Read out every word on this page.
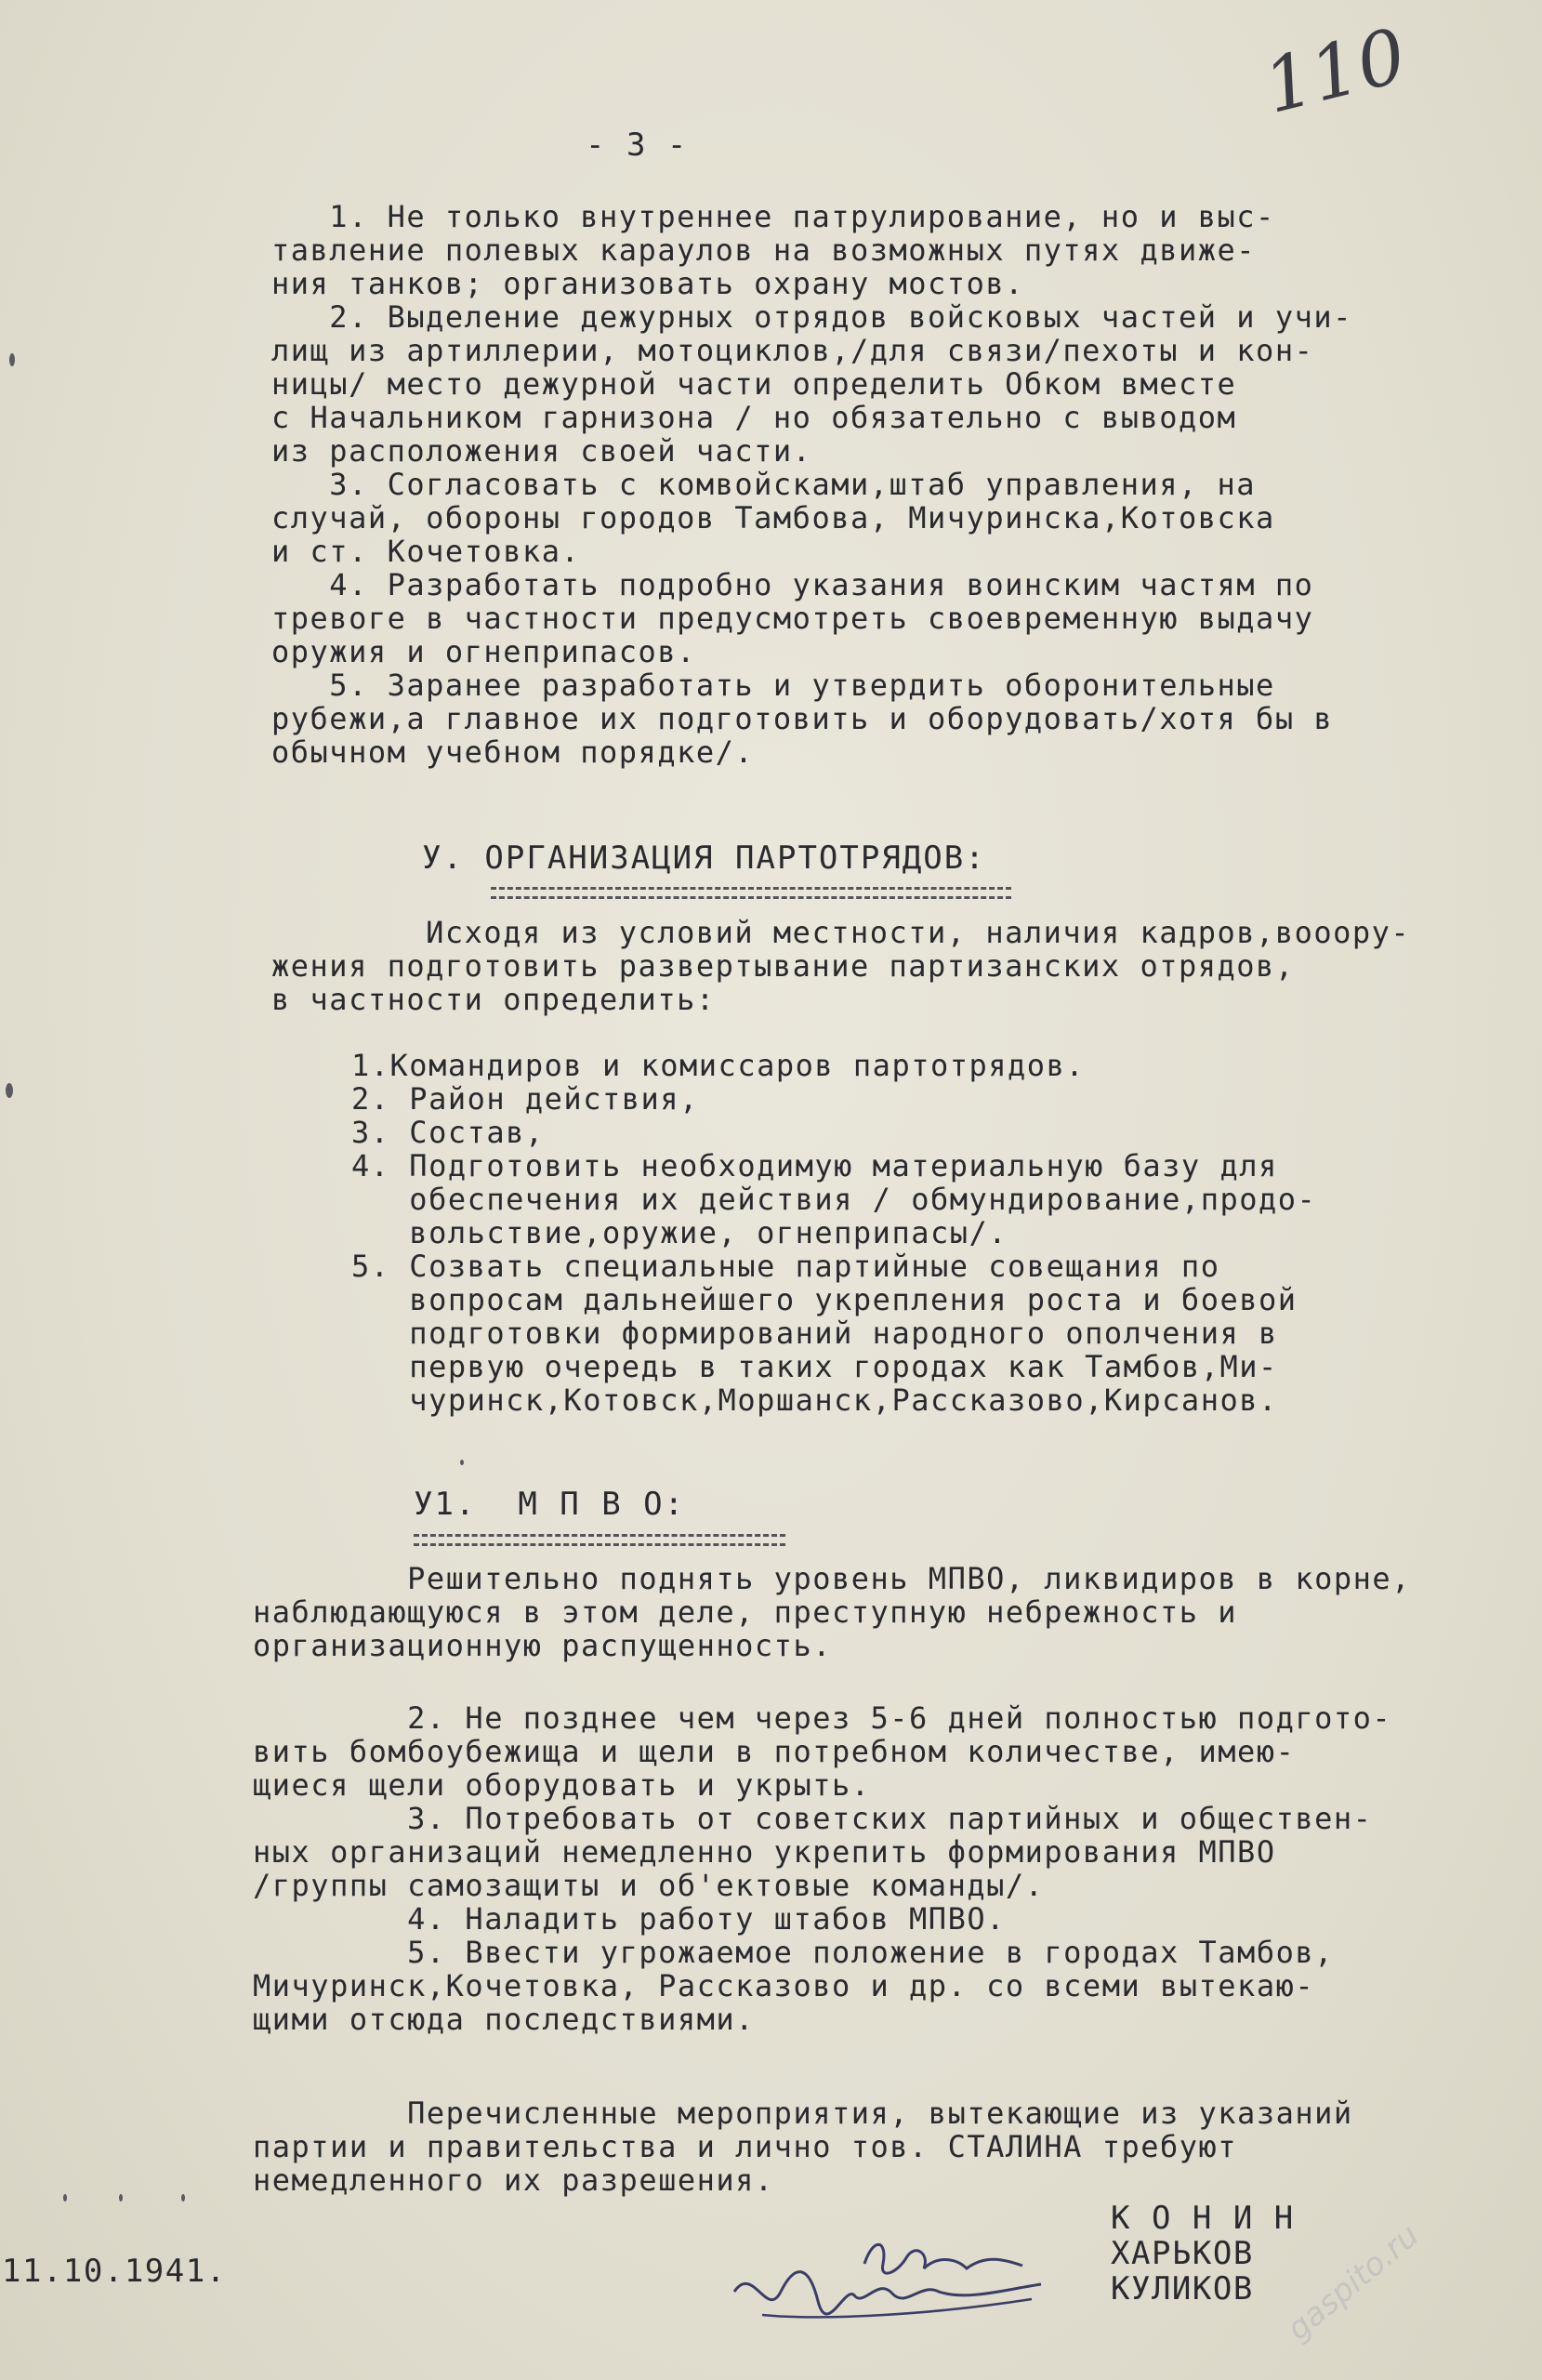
110
- 3 -
1. Не только внутреннее патрулирование, но и выс-
тавление полевых караулов на возможных путях движе-
ния танков; организовать охрану мостов.
2. Выделение дежурных отрядов войсковых частей и учи-
лищ из артиллерии, мотоциклов,/для связи/пехоты и кон-
ницы/ место дежурной части определить Обком вместе
с Начальником гарнизона / но обязательно с выводом
из расположения своей части.
3. Согласовать с комвойсками,штаб управления, на
случай, обороны городов Тамбова, Мичуринска,Котовска
и ст. Кочетовка.
4. Разработать подробно указания воинским частям по
тревоге в частности предусмотреть своевременную выдачу
оружия и огнеприпасов.
5. Заранее разработать и утвердить оборонительные
рубежи,а главное их подготовить и оборудовать/хотя бы в
обычном учебном порядке/.
У. ОРГАНИЗАЦИЯ ПАРТОТРЯДОВ:
Исходя из условий местности, наличия кадров,вооору-
жения подготовить развертывание партизанских отрядов,
в частности определить:
1.Командиров и комиссаров партотрядов.
2. Район действия,
3. Состав,
4. Подготовить необходимую материальную базу для
обеспечения их действия / обмундирование,продо-
вольствие,оружие, огнеприпасы/.
5. Созвать специальные партийные совещания по
вопросам дальнейшего укрепления роста и боевой
подготовки формирований народного ополчения в
первую очередь в таких городах как Тамбов,Ми-
чуринск,Котовск,Моршанск,Рассказово,Кирсанов.
У1.  М П В О:
Решительно поднять уровень МПВО, ликвидиров в корне,
наблюдающуюся в этом деле, преступную небрежность и
организационную распущенность.
2. Не позднее чем через 5-6 дней полностью подгото-
вить бомбоубежища и щели в потребном количестве, имею-
щиеся щели оборудовать и укрыть.
3. Потребовать от советских партийных и обществен-
ных организаций немедленно укрепить формирования МПВО
/группы самозащиты и об'ектовые команды/.
4. Наладить работу штабов МПВО.
5. Ввести угрожаемое положение в городах Тамбов,
Мичуринск,Кочетовка, Рассказово и др. со всеми вытекаю-
щими отсюда последствиями.
Перечисленные мероприятия, вытекающие из указаний
партии и правительства и лично тов. СТАЛИНА требуют
немедленного их разрешения.
К О Н И Н
ХАРЬКОВ
КУЛИКОВ
11.10.1941.	gaspito.ru
